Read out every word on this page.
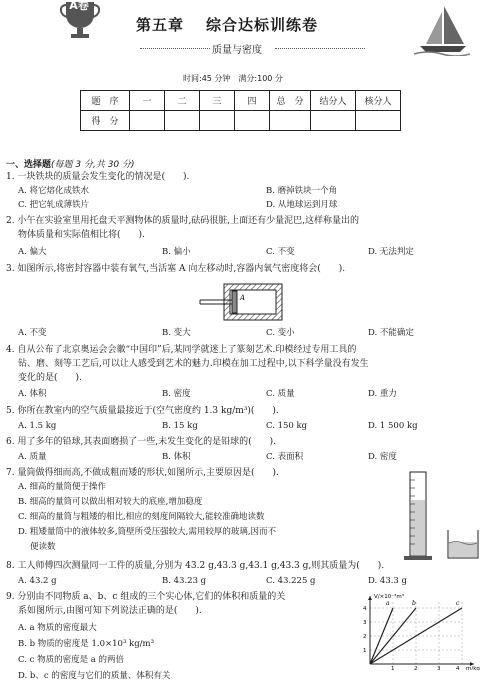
A卷
第五章 综合达标训练卷
质量与密度
时间:45 分钟　满分:100 分
题　序	一	二	三	四	总　分	结分人	核分人
得　分							
一、选择题(每题 3 分,共 30 分)
1. 一块铁块的质量会发生变化的情况是(　　).
A. 将它熔化成铁水	B. 磨掉铁块一个角
C. 把它轧成薄铁片	D. 从地球运到月球
2. 小午在实验室里用托盘天平测物体的质量时,砝码很脏,上面还有少量泥巴,这样称量出的
物体质量和实际值相比将(　　).
A. 偏大	B. 偏小	C. 不变	D. 无法判定
3. 如图所示,将密封容器中装有氧气,当活塞 A 向左移动时,容器内氧气密度将会(　　).
A
A. 不变	B. 变大	C. 变小	D. 不能确定
4. 自从公布了北京奥运会会徽“中国印”后,某同学就迷上了篆刻艺术.印模经过专用工具的
钻、磨、刻等工艺后,可以让人感受到艺术的魅力.印模在加工过程中,以下科学量没有发生
变化的是(　　).
A. 体积	B. 密度	C. 质量	D. 重力
5. 你所在教室内的空气质量最接近于(空气密度约 1.3 kg/m³)(　　).
A. 1.5 kg	B. 15 kg	C. 150 kg	D. 1 500 kg
6. 用了多年的铅球,其表面磨损了一些,未发生变化的是铅球的(　　).
A. 质量	B. 体积	C. 表面积	D. 密度
7. 量筒做得细而高,不做成粗而矮的形状,如图所示,主要原因是(　　).
A. 细高的量筒便于操作
B. 细高的量筒可以做出相对较大的底座,增加稳度
C. 细高的量筒与粗矮的相比,相应的刻度间隔较大,能较准确地读数
D. 粗矮量筒中的液体较多,筒壁所受压强较大,需用较厚的玻璃,因而不
便读数
8. 工人师傅四次测量同一工件的质量,分别为 43.2 g,43.3 g,43.1 g,43.3 g,则其质量为(　　).
A. 43.2 g	B. 43.23 g	C. 43.225 g	D. 43.3 g
9. 分别由不同物质 a、b、c 组成的三个实心体,它们的体积和质量的关
系如图所示,由图可知下列说法正确的是(　　).
A. a 物质的密度最大
B. b 物质的密度是 1.0×10³ kg/m³
C. c 物质的密度是 a 的两倍
D. b、c 的密度与它们的质量、体积有关
a	b	c
V/×10⁻³m³
m/kg
1	2	3	4
1
2
3
4
